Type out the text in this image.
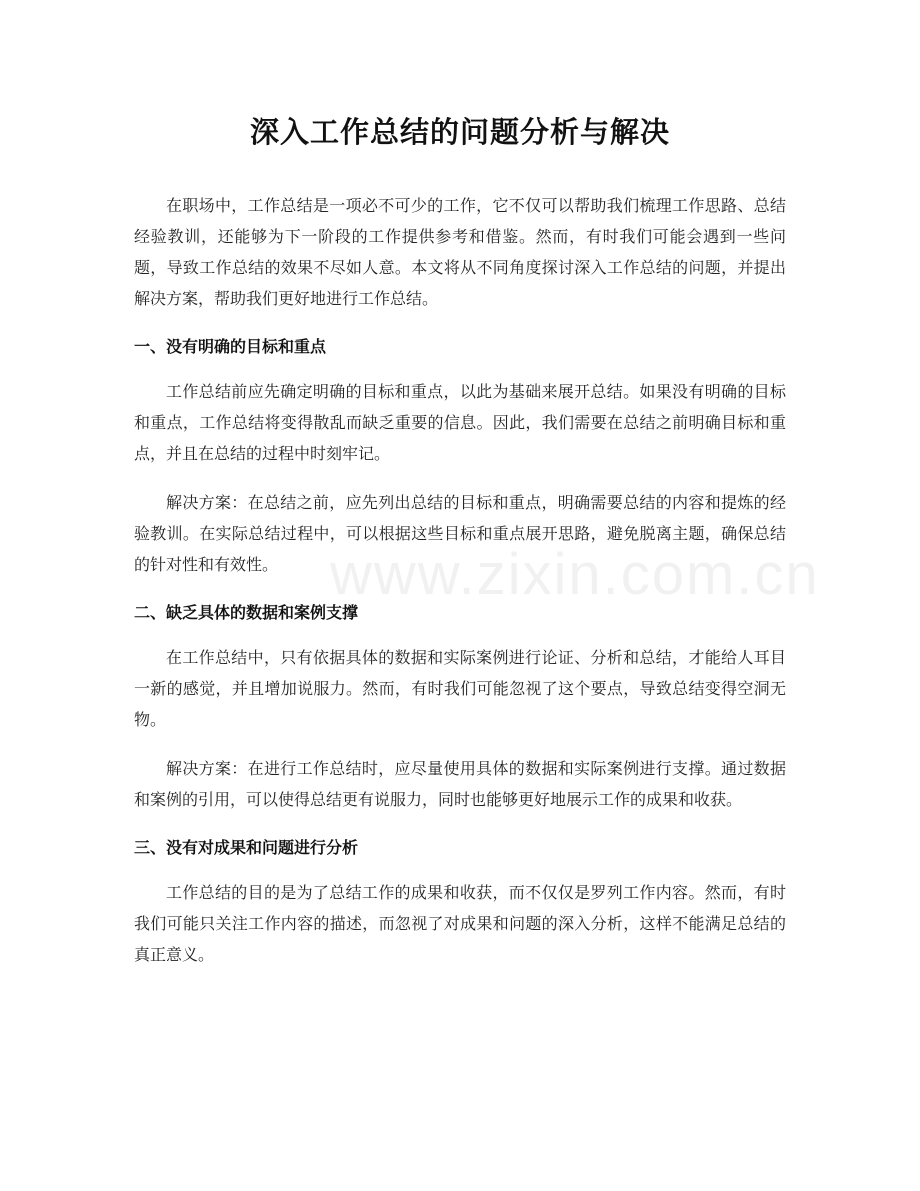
深入工作总结的问题分析与解决

在职场中，工作总结是一项必不可少的工作，它不仅可以帮助我们梳理工作思路、总结经验教训，还能够为下一阶段的工作提供参考和借鉴。然而，有时我们可能会遇到一些问题，导致工作总结的效果不尽如人意。本文将从不同角度探讨深入工作总结的问题，并提出解决方案，帮助我们更好地进行工作总结。

一、没有明确的目标和重点

工作总结前应先确定明确的目标和重点，以此为基础来展开总结。如果没有明确的目标和重点，工作总结将变得散乱而缺乏重要的信息。因此，我们需要在总结之前明确目标和重点，并且在总结的过程中时刻牢记。

解决方案：在总结之前，应先列出总结的目标和重点，明确需要总结的内容和提炼的经验教训。在实际总结过程中，可以根据这些目标和重点展开思路，避免脱离主题，确保总结的针对性和有效性。

二、缺乏具体的数据和案例支撑

在工作总结中，只有依据具体的数据和实际案例进行论证、分析和总结，才能给人耳目一新的感觉，并且增加说服力。然而，有时我们可能忽视了这个要点，导致总结变得空洞无物。

解决方案：在进行工作总结时，应尽量使用具体的数据和实际案例进行支撑。通过数据和案例的引用，可以使得总结更有说服力，同时也能够更好地展示工作的成果和收获。

三、没有对成果和问题进行分析

工作总结的目的是为了总结工作的成果和收获，而不仅仅是罗列工作内容。然而，有时我们可能只关注工作内容的描述，而忽视了对成果和问题的深入分析，这样不能满足总结的真正意义。

www.zixin.com.cn
